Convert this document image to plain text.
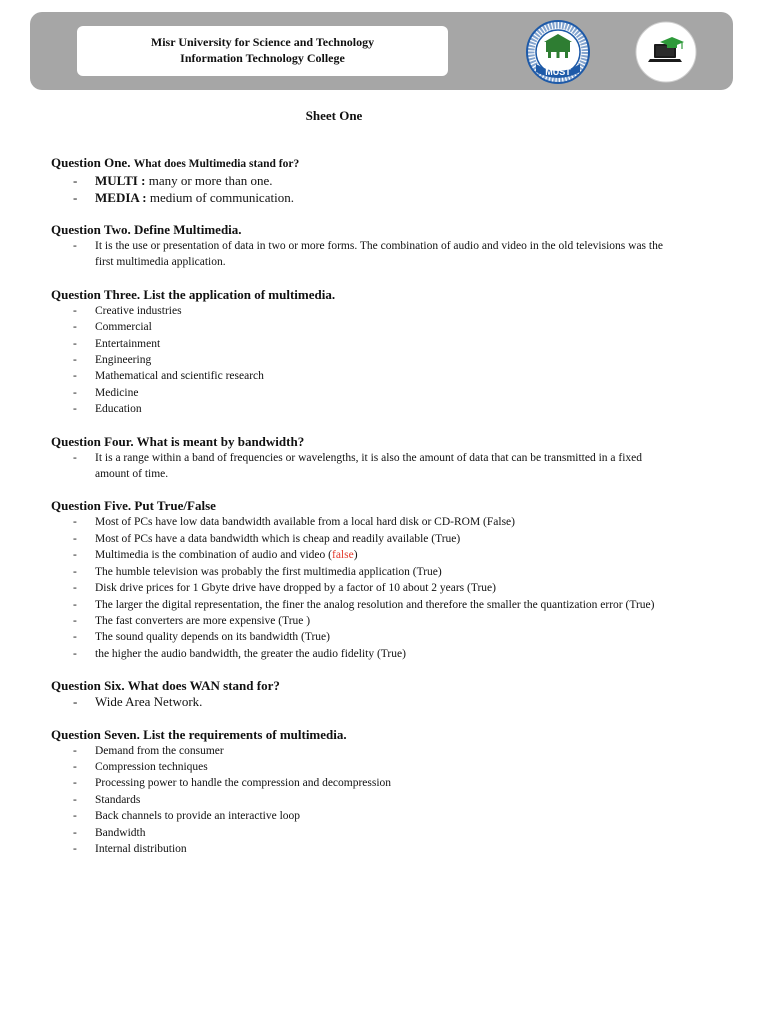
Misr University for Science and Technology
Information Technology College
MUST
Sheet One

Question One. What does Multimedia stand for?

- MULTI : many or more than one.
- MEDIA : medium of communication.

Question Two. Define Multimedia.

- It is the use or presentation of data in two or more forms. The combination of audio and video in the old televisions was the first multimedia application.

Question Three. List the application of multimedia.

- Creative industries
- Commercial
- Entertainment
- Engineering
- Mathematical and scientific research
- Medicine
- Education

Question Four. What is meant by bandwidth?

- It is a range within a band of frequencies or wavelengths, it is also the amount of data that can be transmitted in a fixed amount of time.

Question Five. Put True/False

- Most of PCs have low data bandwidth available from a local hard disk or CD-ROM (False)
- Most of PCs have a data bandwidth which is cheap and readily available (True)
- Multimedia is the combination of audio and video (false)
- The humble television was probably the first multimedia application (True)
- Disk drive prices for 1 Gbyte drive have dropped by a factor of 10 about 2 years (True)
- The larger the digital representation, the finer the analog resolution and therefore the smaller the quantization error (True)
- The fast converters are more expensive (True )
- The sound quality depends on its bandwidth (True)
- the higher the audio bandwidth, the greater the audio fidelity (True)

Question Six. What does WAN stand for?

- Wide Area Network.

Question Seven. List the requirements of multimedia.

- Demand from the consumer
- Compression techniques
- Processing power to handle the compression and decompression
- Standards
- Back channels to provide an interactive loop
- Bandwidth
- Internal distribution
